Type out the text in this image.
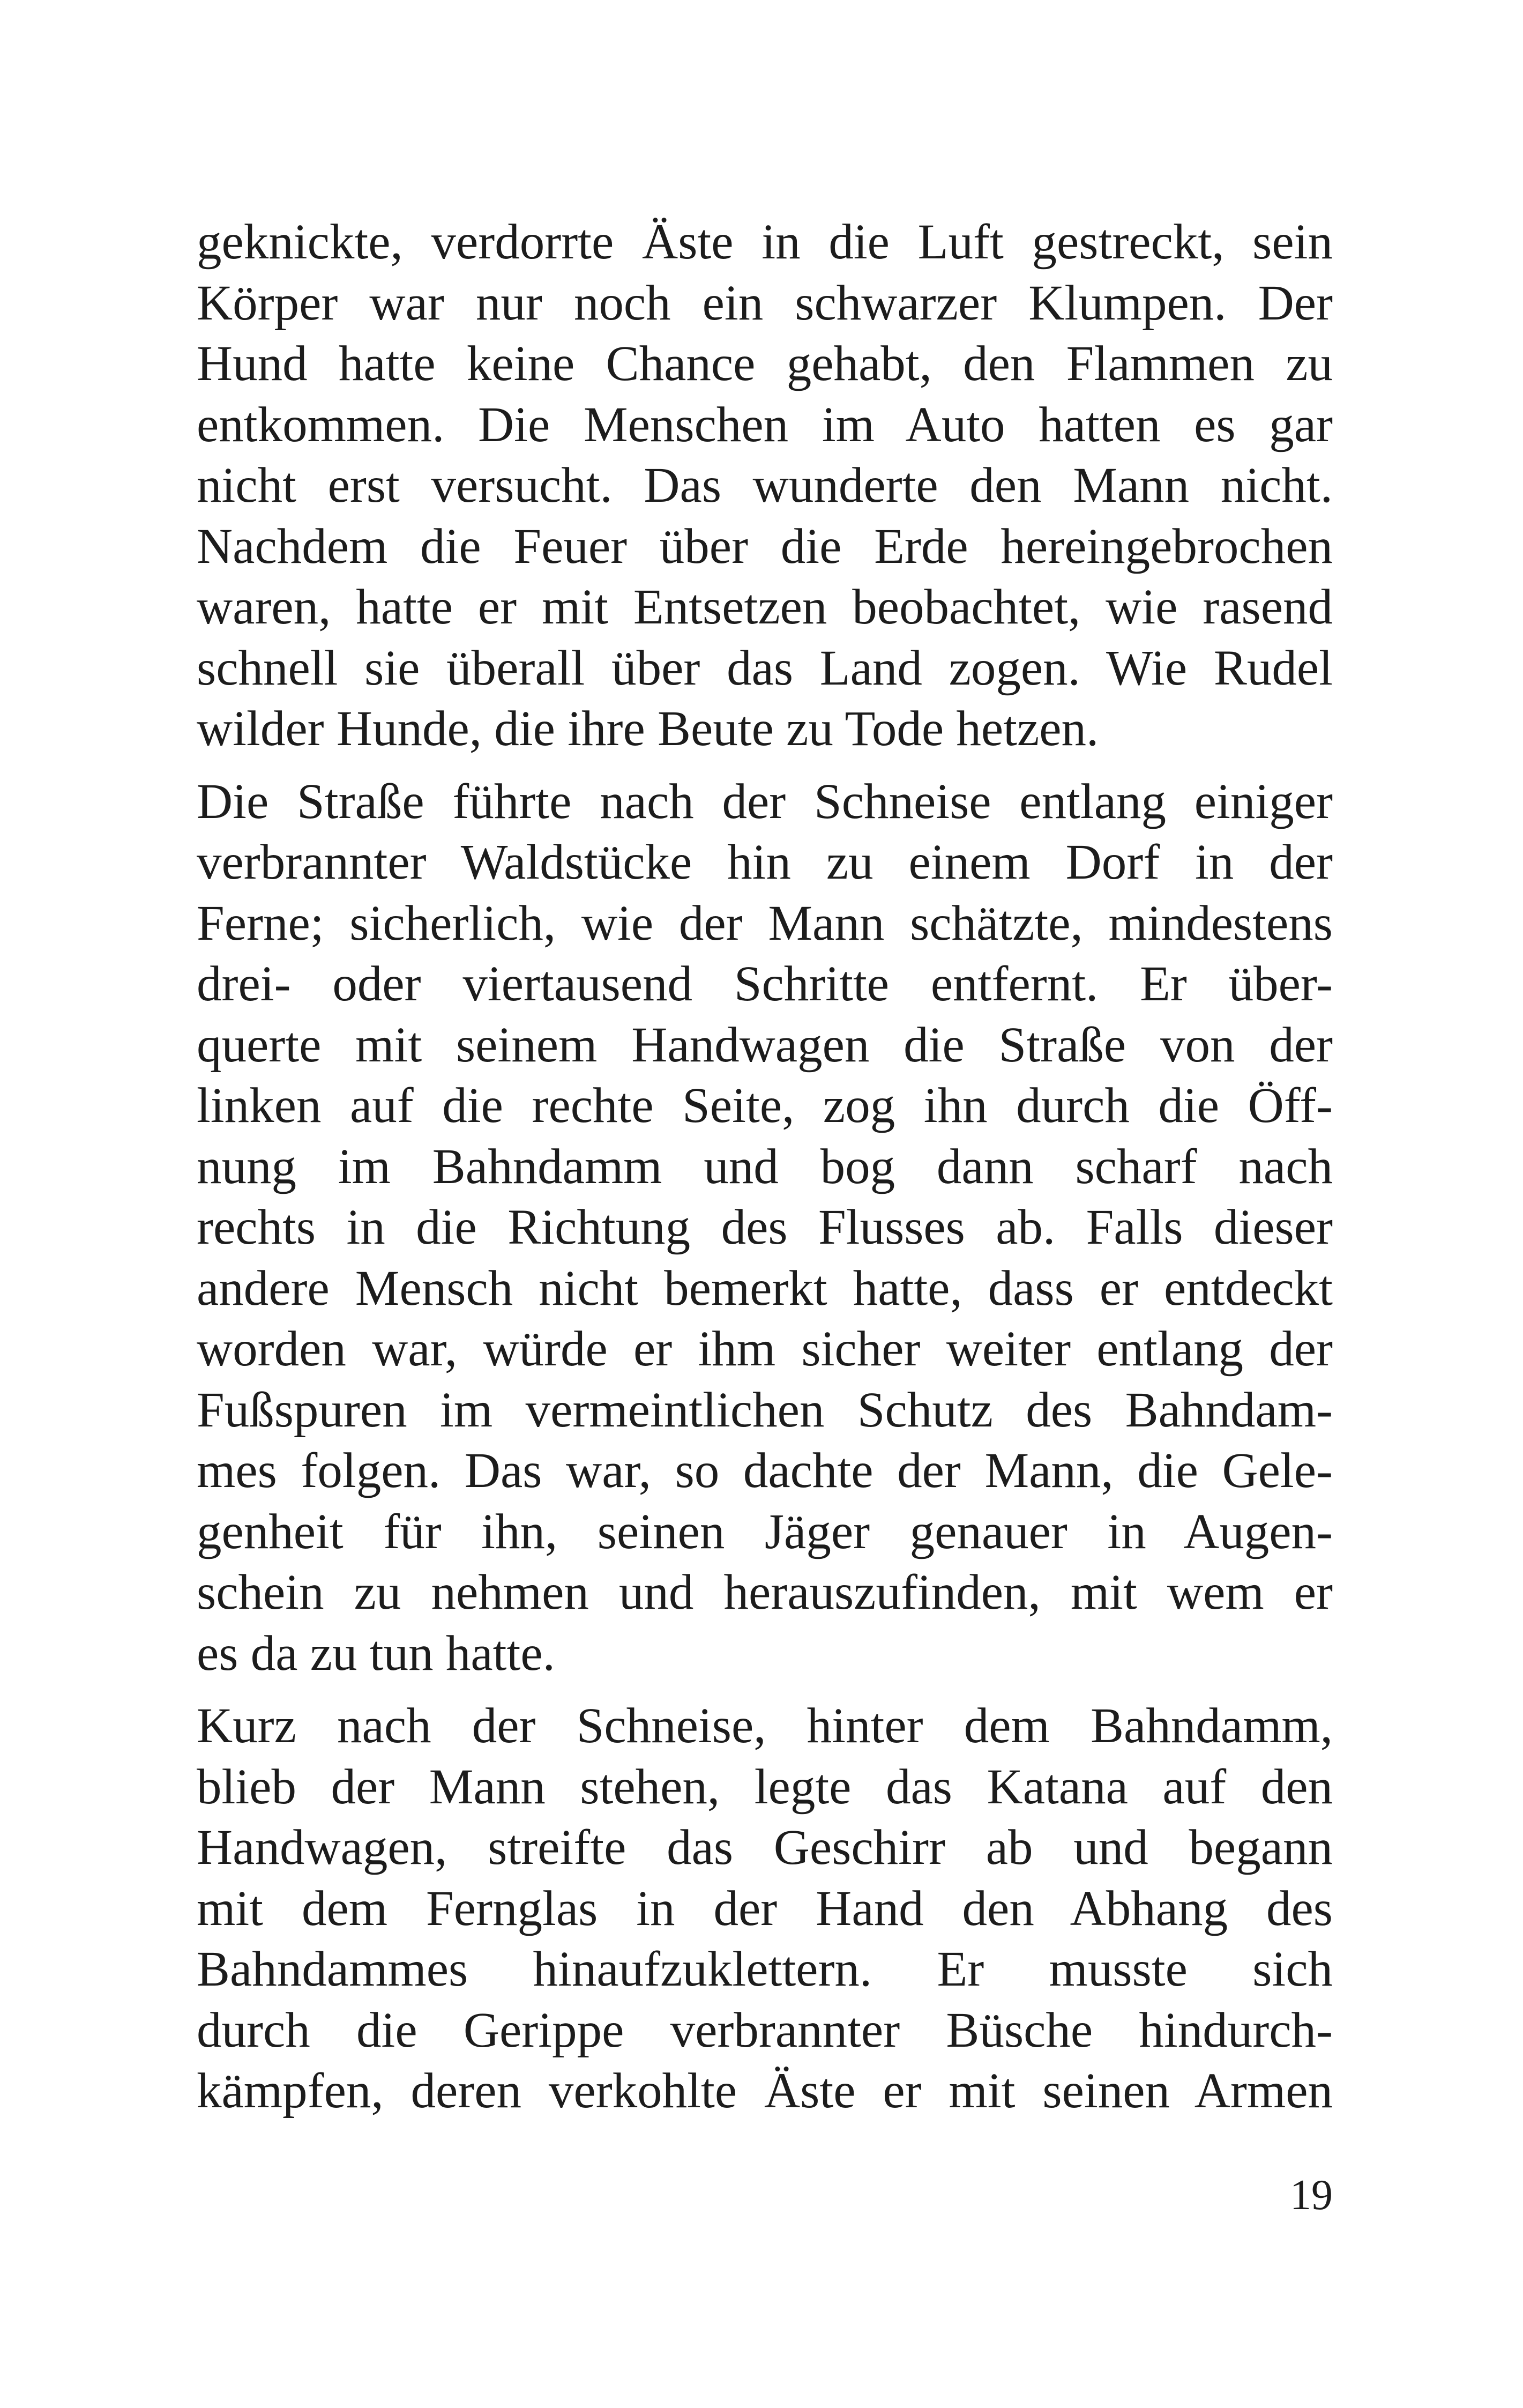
geknickte, verdorrte Äste in die Luft gestreckt, sein
Körper war nur noch ein schwarzer Klumpen. Der
Hund hatte keine Chance gehabt, den Flammen zu
entkommen. Die Menschen im Auto hatten es gar
nicht erst versucht. Das wunderte den Mann nicht.
Nachdem die Feuer über die Erde hereingebrochen
waren, hatte er mit Entsetzen beobachtet, wie rasend
schnell sie überall über das Land zogen. Wie Rudel
wilder Hunde, die ihre Beute zu Tode hetzen.
Die Straße führte nach der Schneise entlang einiger
verbrannter Waldstücke hin zu einem Dorf in der
Ferne; sicherlich, wie der Mann schätzte, mindestens
drei- oder viertausend Schritte entfernt. Er über-
querte mit seinem Handwagen die Straße von der
linken auf die rechte Seite, zog ihn durch die Öff-
nung im Bahndamm und bog dann scharf nach
rechts in die Richtung des Flusses ab. Falls dieser
andere Mensch nicht bemerkt hatte, dass er entdeckt
worden war, würde er ihm sicher weiter entlang der
Fußspuren im vermeintlichen Schutz des Bahndam-
mes folgen. Das war, so dachte der Mann, die Gele-
genheit für ihn, seinen Jäger genauer in Augen-
schein zu nehmen und herauszufinden, mit wem er
es da zu tun hatte.
Kurz nach der Schneise, hinter dem Bahndamm,
blieb der Mann stehen, legte das Katana auf den
Handwagen, streifte das Geschirr ab und begann
mit dem Fernglas in der Hand den Abhang des
Bahndammes hinaufzuklettern. Er musste sich
durch die Gerippe verbrannter Büsche hindurch-
kämpfen, deren verkohlte Äste er mit seinen Armen
19
